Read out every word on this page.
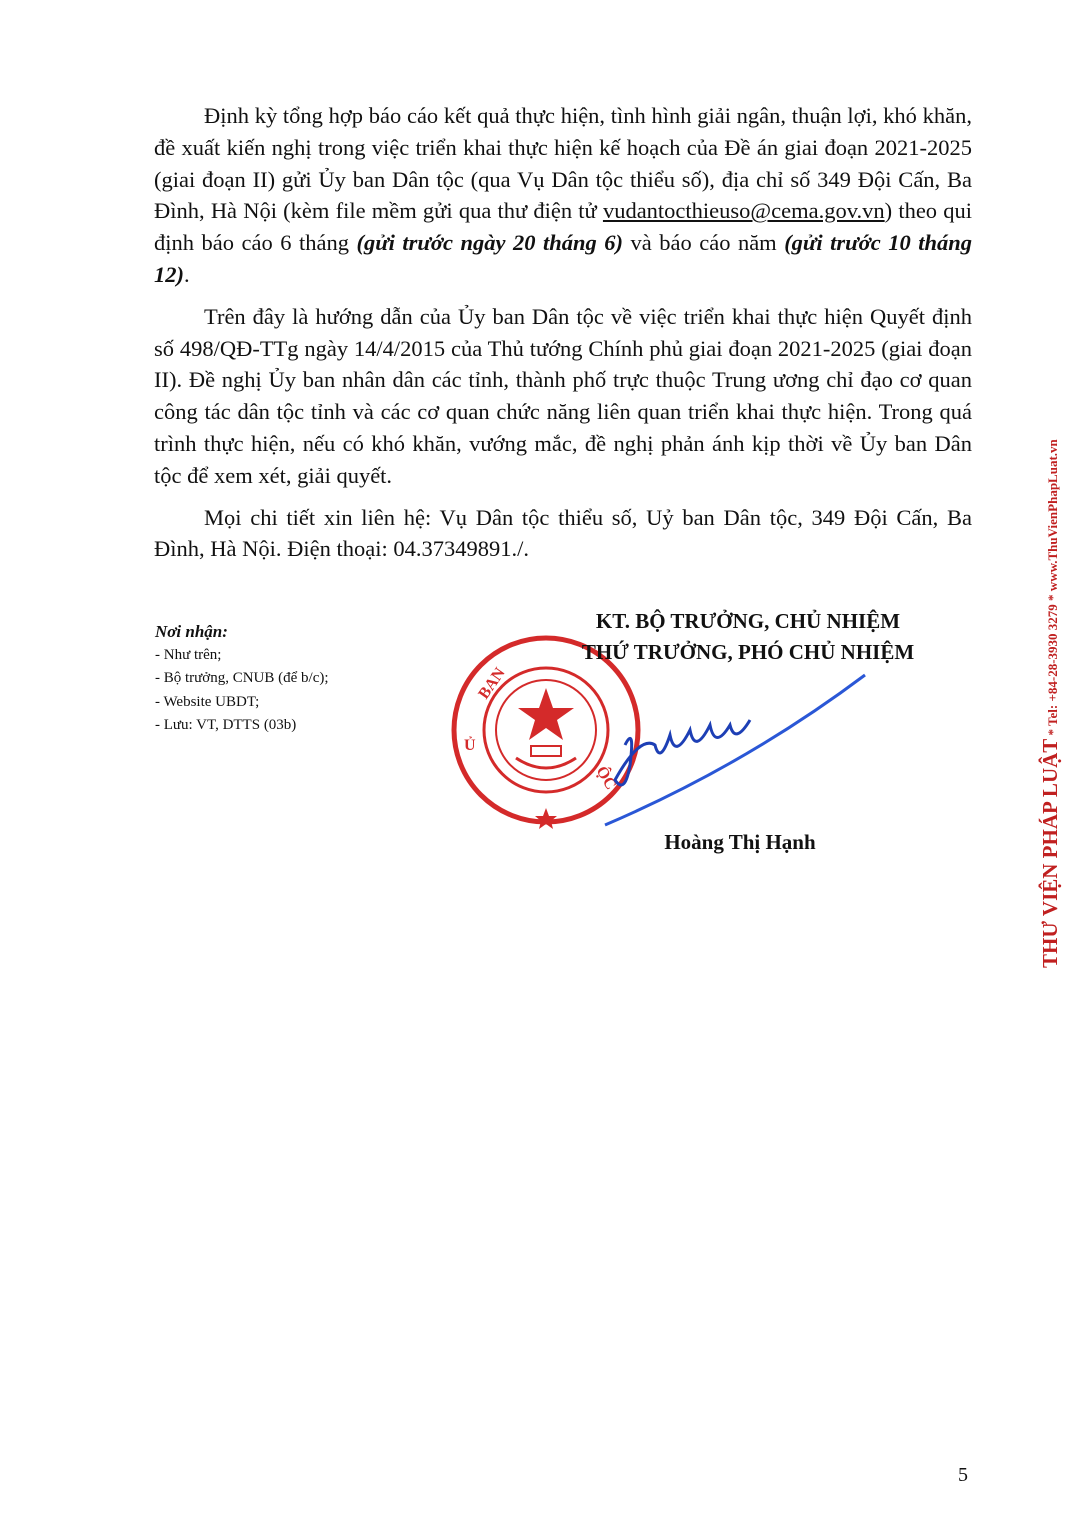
Định kỳ tổng hợp báo cáo kết quả thực hiện, tình hình giải ngân, thuận lợi, khó khăn, đề xuất kiến nghị trong việc triển khai thực hiện kế hoạch của Đề án giai đoạn 2021-2025 (giai đoạn II) gửi Ủy ban Dân tộc (qua Vụ Dân tộc thiểu số), địa chỉ số 349 Đội Cấn, Ba Đình, Hà Nội (kèm file mềm gửi qua thư điện tử vudantocthieuso@cema.gov.vn) theo qui định báo cáo 6 tháng (gửi trước ngày 20 tháng 6) và báo cáo năm (gửi trước 10 tháng 12).

Trên đây là hướng dẫn của Ủy ban Dân tộc về việc triển khai thực hiện Quyết định số 498/QĐ-TTg ngày 14/4/2015 của Thủ tướng Chính phủ giai đoạn 2021-2025 (giai đoạn II). Đề nghị Ủy ban nhân dân các tỉnh, thành phố trực thuộc Trung ương chỉ đạo cơ quan công tác dân tộc tỉnh và các cơ quan chức năng liên quan triển khai thực hiện. Trong quá trình thực hiện, nếu có khó khăn, vướng mắc, đề nghị phản ánh kịp thời về Ủy ban Dân tộc để xem xét, giải quyết.

Mọi chi tiết xin liên hệ: Vụ Dân tộc thiểu số, Uỷ ban Dân tộc, 349 Đội Cấn, Ba Đình, Hà Nội. Điện thoại: 04.37349891./.

Nơi nhận:
- Như trên;
- Bộ trưởng, CNUB (để b/c);
- Website UBDT;
- Lưu: VT, DTTS (03b)
BAN
Ủ
ỘC
KT. BỘ TRƯỞNG, CHỦ NHIỆM
THỨ TRƯỞNG, PHÓ CHỦ NHIỆM
Hoàng Thị Hạnh	THƯ VIỆN PHÁP LUẬT * Tel: +84-28-3930 3279 * www.ThuVienPhapLuat.vn
5
